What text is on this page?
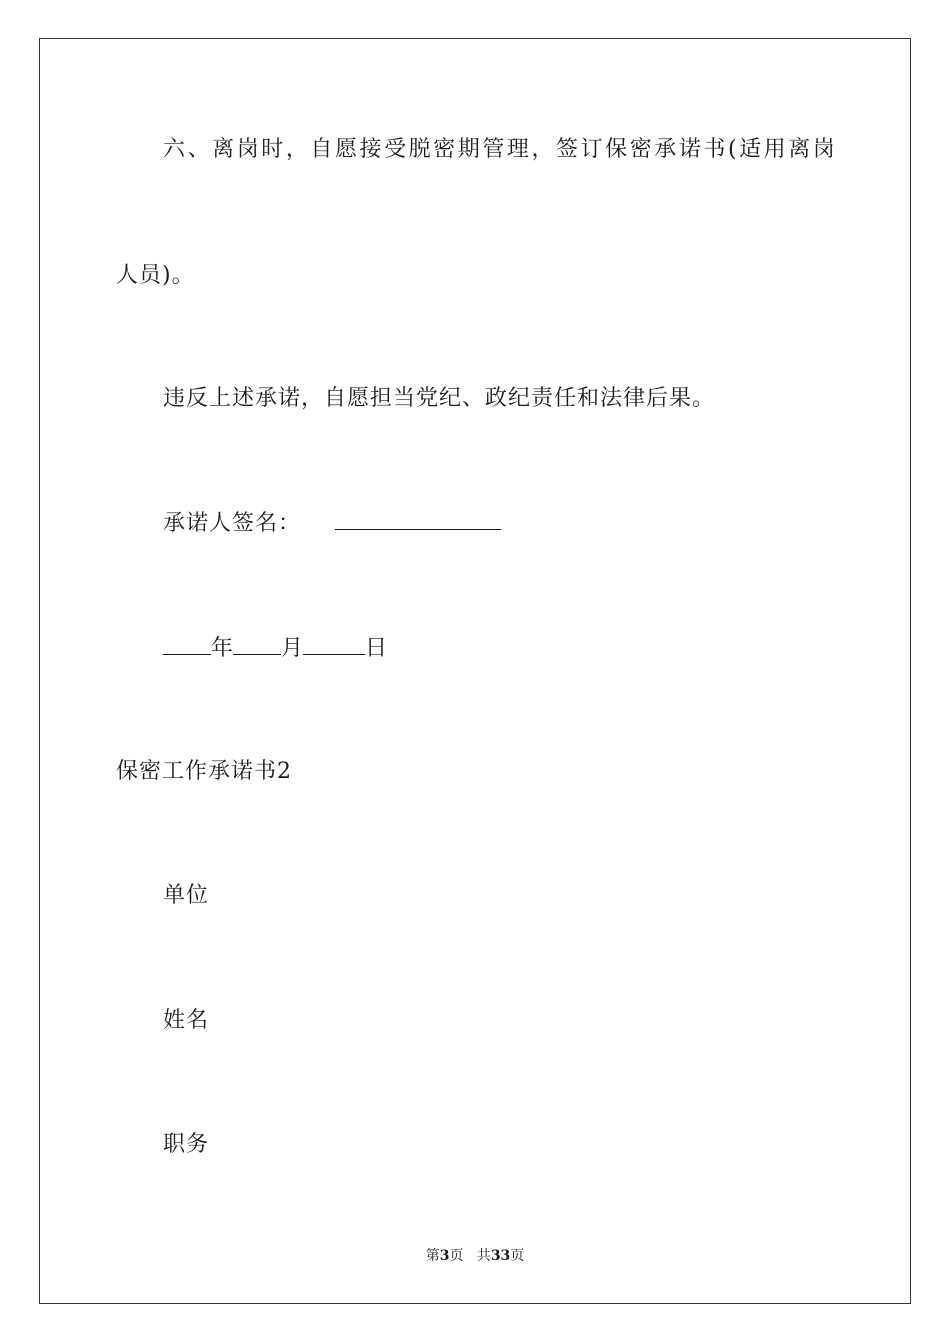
六 、 离 岗 时 ， 自 愿 接 受 脱 密 期 管 理 ， 签 订 保 密 承 诺 书 ( 适 用 离 岗
人员)。
违反上述承诺，自愿担当党纪、政纪责任和法律后果。
承诺人签名：
年 月	日
保密工作承诺书2
单位
姓名
职务
第3页 共33页
